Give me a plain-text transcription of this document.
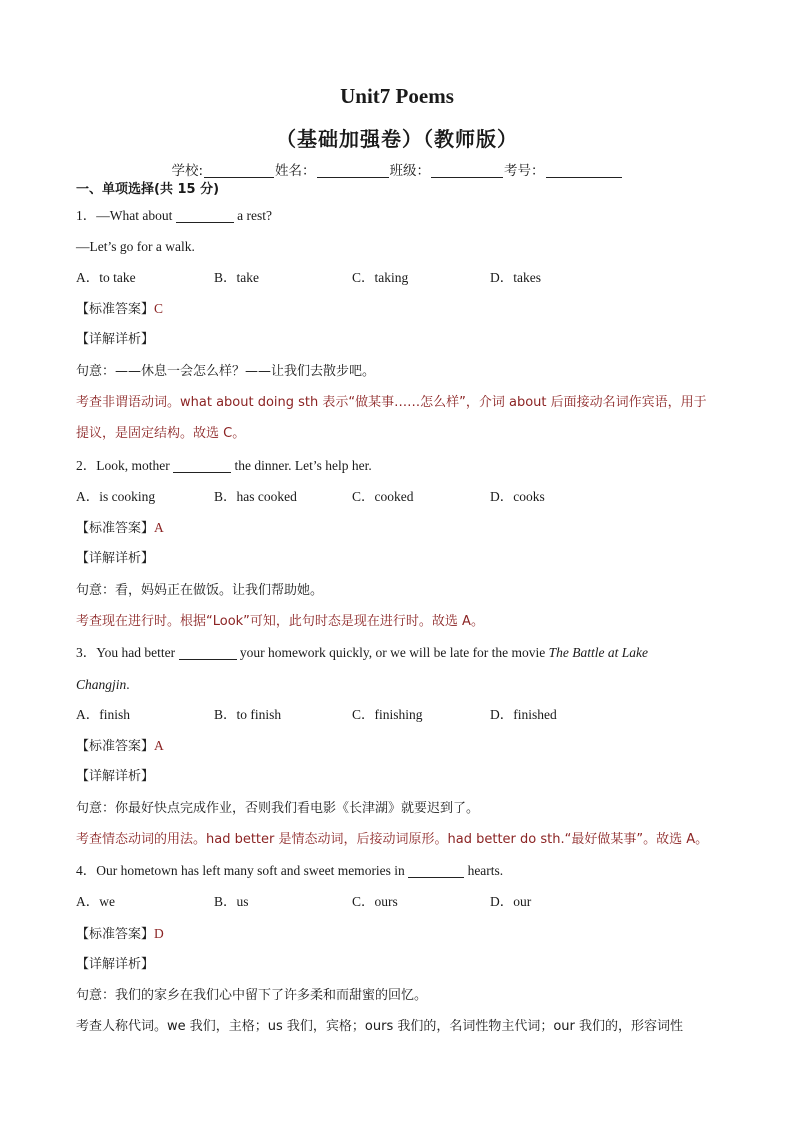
Unit7 Poems
（基础加强卷）（教师版）
学校:	姓名：	班级：	考号：
一、单项选择(共 15 分)
1．—What about	a rest?
—Let’s go for a walk.
A．to take	B．take	C．taking	D．takes
【标准答案】C
【详解详析】
句意：——休息一会怎么样？——让我们去散步吧。
考查非谓语动词。what about doing sth 表示“做某事……怎么样”，介词 about 后面接动名词作宾语，用于
提议，是固定结构。故选 C。
2．Look, mother	the dinner. Let’s help her.
A．is cooking	B．has cooked	C．cooked	D．cooks
【标准答案】A
【详解详析】
句意：看，妈妈正在做饭。让我们帮助她。
考查现在进行时。根据“Look”可知，此句时态是现在进行时。故选 A。
3．You had better	your homework quickly, or we will be late for the movie The Battle at Lake
Changjin.
A．finish	B．to finish	C．finishing	D．finished
【标准答案】A
【详解详析】
句意：你最好快点完成作业，否则我们看电影《长津湖》就要迟到了。
考查情态动词的用法。had better 是情态动词，后接动词原形。had better do sth.“最好做某事”。故选 A。
4．Our hometown has left many soft and sweet memories in	hearts.
A．we	B．us	C．ours	D．our
【标准答案】D
【详解详析】
句意：我们的家乡在我们心中留下了许多柔和而甜蜜的回忆。
考查人称代词。we 我们，主格；us 我们，宾格；ours 我们的，名词性物主代词；our 我们的，形容词性
